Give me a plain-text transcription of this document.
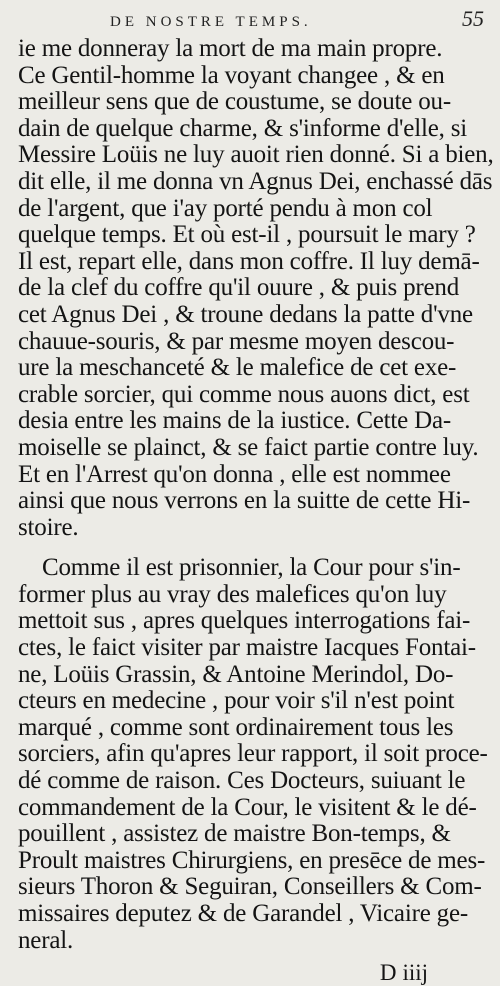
DE NOSTRE TEMPS.	55
ie me donneray la mort de ma main propre.
Ce Gentil-homme la voyant changee , & en
meilleur sens que de coustume, se doute ou-
dain de quelque charme, & s'informe d'elle, si
Messire Loüis ne luy auoit rien donné. Si a bien,
dit elle, il me donna vn Agnus Dei, enchassé dās
de l'argent, que i'ay porté pendu à mon col
quelque temps. Et où est-il , poursuit le mary ?
Il est, repart elle, dans mon coffre. Il luy demā-
de la clef du coffre qu'il ouure , & puis prend
cet Agnus Dei , & troune dedans la patte d'vne
chauue-souris, & par mesme moyen descou-
ure la meschanceté & le malefice de cet exe-
crable sorcier, qui comme nous auons dict, est
desia entre les mains de la iustice. Cette Da-
moiselle se plainct, & se faict partie contre luy.
Et en l'Arrest qu'on donna , elle est nommee
ainsi que nous verrons en la suitte de cette Hi-
stoire.
Comme il est prisonnier, la Cour pour s'in-
former plus au vray des malefices qu'on luy
mettoit sus , apres quelques interrogations fai-
ctes, le faict visiter par maistre Iacques Fontai-
ne, Loüis Grassin, & Antoine Merindol, Do-
cteurs en medecine , pour voir s'il n'est point
marqué , comme sont ordinairement tous les
sorciers, afin qu'apres leur rapport, il soit proce-
dé comme de raison. Ces Docteurs, suiuant le
commandement de la Cour, le visitent & le dé-
pouillent , assistez de maistre Bon-temps, &
Proult maistres Chirurgiens, en presēce de mes-
sieurs Thoron & Seguiran, Conseillers & Com-
missaires deputez & de Garandel , Vicaire ge-
neral.
D iiij
